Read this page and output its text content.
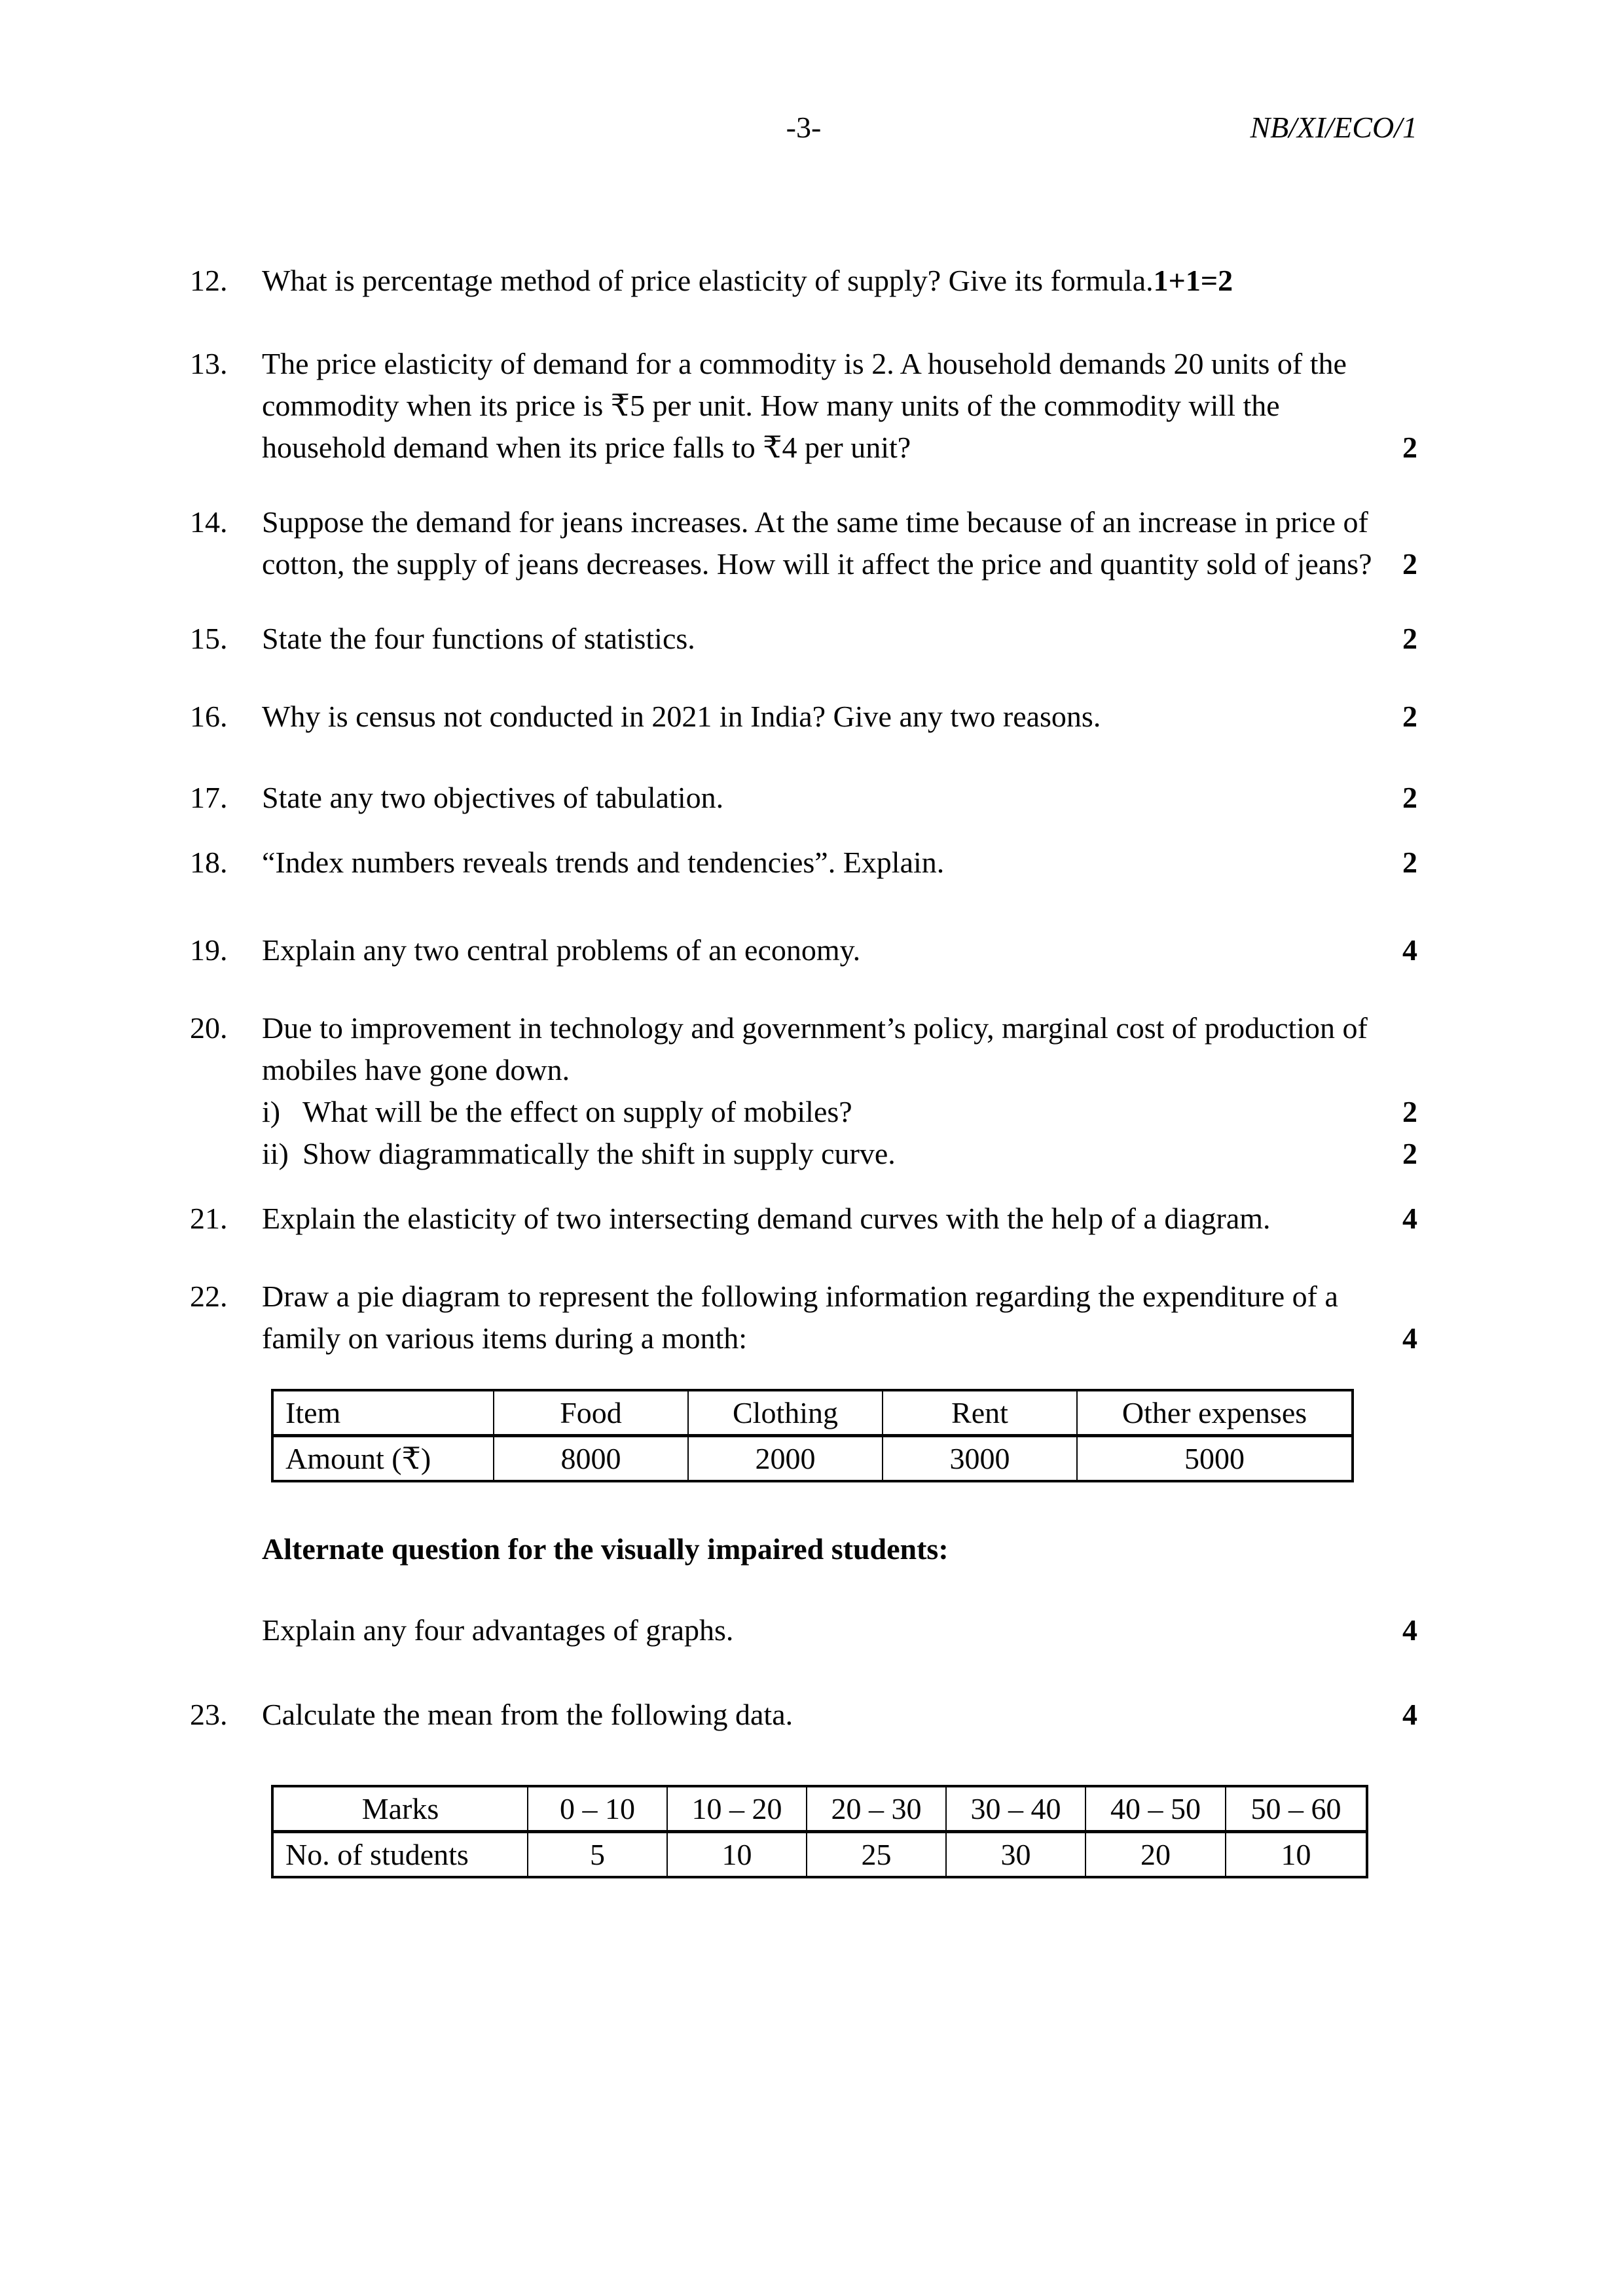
-3-	NB/XI/ECO/1
12.	What is percentage method of price elasticity of supply? Give its formula.1+1=2
13.	The price elasticity of demand for a commodity is 2. A household demands 20 units of the commodity when its price is ₹5 per unit. How many units of the commodity will the household demand when its price falls to ₹4 per unit?	2
14.	Suppose the demand for jeans increases. At the same time because of an increase in price of cotton, the supply of jeans decreases. How will it affect the price and quantity sold of jeans?	2
15.	State the four functions of statistics.	2
16.	Why is census not conducted in 2021 in India? Give any two reasons.	2
17.	State any two objectives of tabulation.	2
18.	“Index numbers reveals trends and tendencies”. Explain.	2
19.	Explain any two central problems of an economy.	4
20.	Due to improvement in technology and government’s policy, marginal cost of production of mobiles have gone down.
i) What will be the effect on supply of mobiles?	2
ii) Show diagrammatically the shift in supply curve.	2
21.	Explain the elasticity of two intersecting demand curves with the help of a diagram.	4
22.	Draw a pie diagram to represent the following information regarding the expenditure of a family on various items during a month:	4
Item	Food	Clothing	Rent	Other expenses
Amount (₹)	8000	2000	3000	5000
Alternate question for the visually impaired students:
Explain any four advantages of graphs.	4
23.	Calculate the mean from the following data.	4
Marks	0 – 10	10 – 20	20 – 30	30 – 40	40 – 50	50 – 60
No. of students	5	10	25	30	20	10
